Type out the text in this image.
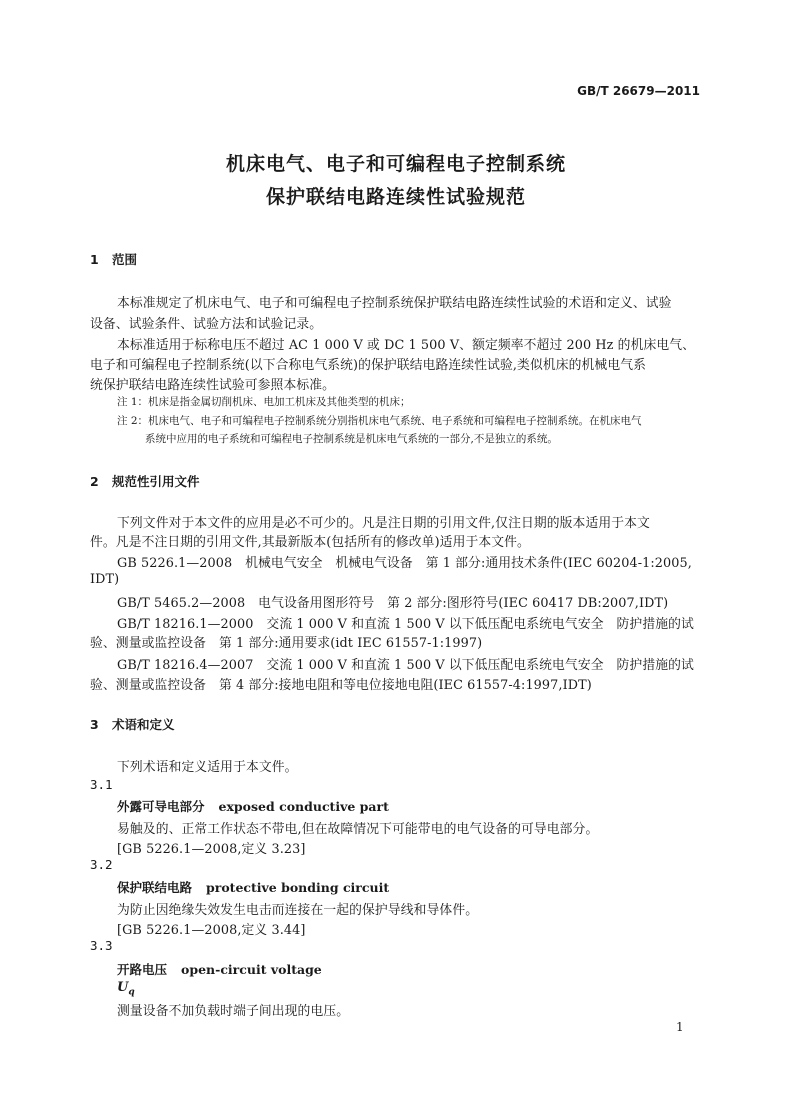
GB/T 26679—2011
机床电气、电子和可编程电子控制系统
保护联结电路连续性试验规范
1 范围
本标准规定了机床电气、电子和可编程电子控制系统保护联结电路连续性试验的术语和定义、试验
设备、试验条件、试验方法和试验记录。
本标准适用于标称电压不超过 AC 1 000 V 或 DC 1 500 V、额定频率不超过 200 Hz 的机床电气、
电子和可编程电子控制系统(以下合称电气系统)的保护联结电路连续性试验,类似机床的机械电气系
统保护联结电路连续性试验可参照本标准。
注 1：机床是指金属切削机床、电加工机床及其他类型的机床；
注 2：机床电气、电子和可编程电子控制系统分别指机床电气系统、电子系统和可编程电子控制系统。在机床电气
系统中应用的电子系统和可编程电子控制系统是机床电气系统的一部分,不是独立的系统。
2 规范性引用文件
下列文件对于本文件的应用是必不可少的。凡是注日期的引用文件,仅注日期的版本适用于本文
件。凡是不注日期的引用文件,其最新版本(包括所有的修改单)适用于本文件。
GB 5226.1—2008　机械电气安全　机械电气设备　第 1 部分:通用技术条件(IEC 60204-1:2005,
IDT)
GB/T 5465.2—2008　电气设备用图形符号　第 2 部分:图形符号(IEC 60417 DB:2007,IDT)
GB/T 18216.1—2000　交流 1 000 V 和直流 1 500 V 以下低压配电系统电气安全　防护措施的试
验、测量或监控设备　第 1 部分:通用要求(idt IEC 61557-1:1997)
GB/T 18216.4—2007　交流 1 000 V 和直流 1 500 V 以下低压配电系统电气安全　防护措施的试
验、测量或监控设备　第 4 部分:接地电阻和等电位接地电阻(IEC 61557-4:1997,IDT)
3 术语和定义
下列术语和定义适用于本文件。
3.1
外露可导电部分 exposed conductive part
易触及的、正常工作状态不带电,但在故障情况下可能带电的电气设备的可导电部分。
[GB 5226.1—2008,定义 3.23]
3.2
保护联结电路 protective bonding circuit
为防止因绝缘失效发生电击而连接在一起的保护导线和导体件。
[GB 5226.1—2008,定义 3.44]
3.3
开路电压 open-circuit voltage
$U_q$
测量设备不加负载时端子间出现的电压。
1
